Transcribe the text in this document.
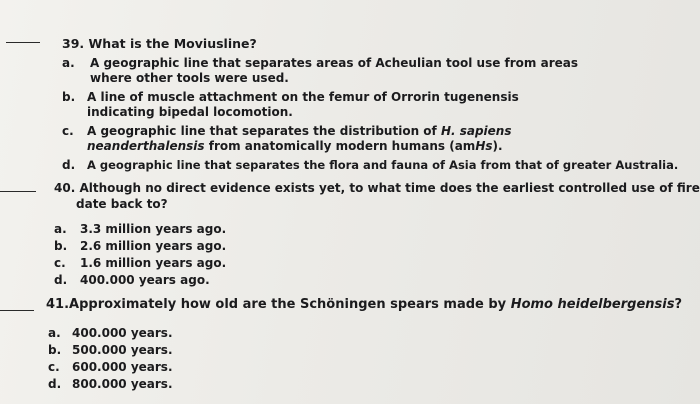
39. What is the Moviusline?
a. A geographic line that separates areas of Acheulian tool use from areas where other tools were used.
b. A line of muscle attachment on the femur of Orrorin tugenensis indicating bipedal locomotion.
c. A geographic line that separates the distribution of H. sapiens neanderthalensis from anatomically modern humans (amHs).
d. A geographic line that separates the flora and fauna of Asia from that of greater Australia.
40. Although no direct evidence exists yet, to what time does the earliest controlled use of fire
date back to?
a. 3.3 million years ago.
b. 2.6 million years ago.
c. 1.6 million years ago.
d. 400.000 years ago.
41.Approximately how old are the Schöningen spears made by Homo heidelbergensis?
a. 400.000 years.
b. 500.000 years.
c. 600.000 years.
d. 800.000 years.
